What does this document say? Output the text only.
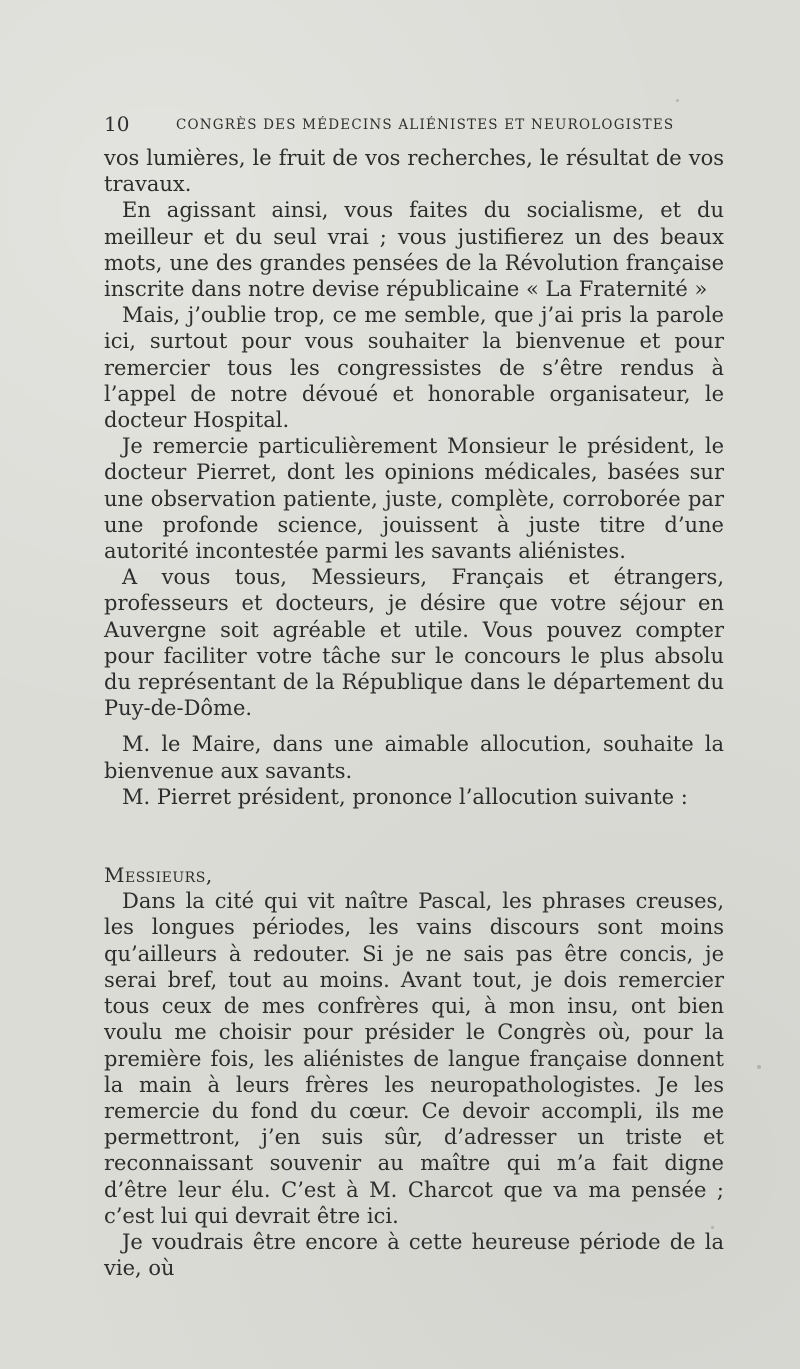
10	CONGRÈS DES MÉDECINS ALIÉNISTES ET NEUROLOGISTES

vos lumières, le fruit de vos recherches, le résultat de vos travaux.

En agissant ainsi, vous faites du socialisme, et du meilleur et du seul vrai ; vous justifierez un des beaux mots, une des grandes pensées de la Révolution française inscrite dans notre devise républicaine « La Fraternité »

Mais, j’oublie trop, ce me semble, que j’ai pris la parole ici, surtout pour vous souhaiter la bienvenue et pour remercier tous les congressistes de s’être rendus à l’appel de notre dévoué et honorable organisateur, le docteur Hospital.

Je remercie particulièrement Monsieur le président, le docteur Pierret, dont les opinions médicales, basées sur une observation patiente, juste, complète, corroborée par une profonde science, jouissent à juste titre d’une autorité incontestée parmi les savants aliénistes.

A vous tous, Messieurs, Français et étrangers, professeurs et docteurs, je désire que votre séjour en Auvergne soit agréable et utile. Vous pouvez compter pour faciliter votre tâche sur le concours le plus absolu du représentant de la République dans le département du Puy-de-Dôme.

M. le Maire, dans une aimable allocution, souhaite la bienvenue aux savants.

M. Pierret président, prononce l’allocution suivante :

Messieurs,

Dans la cité qui vit naître Pascal, les phrases creuses, les longues périodes, les vains discours sont moins qu’ailleurs à redouter. Si je ne sais pas être concis, je serai bref, tout au moins. Avant tout, je dois remercier tous ceux de mes confrères qui, à mon insu, ont bien voulu me choisir pour présider le Congrès où, pour la première fois, les aliénistes de langue française donnent la main à leurs frères les neuropathologistes. Je les remercie du fond du cœur. Ce devoir accompli, ils me permettront, j’en suis sûr, d’adresser un triste et reconnaissant souvenir au maître qui m’a fait digne d’être leur élu. C’est à M. Charcot que va ma pensée ; c’est lui qui devrait être ici.

Je voudrais être encore à cette heureuse période de la vie, où
